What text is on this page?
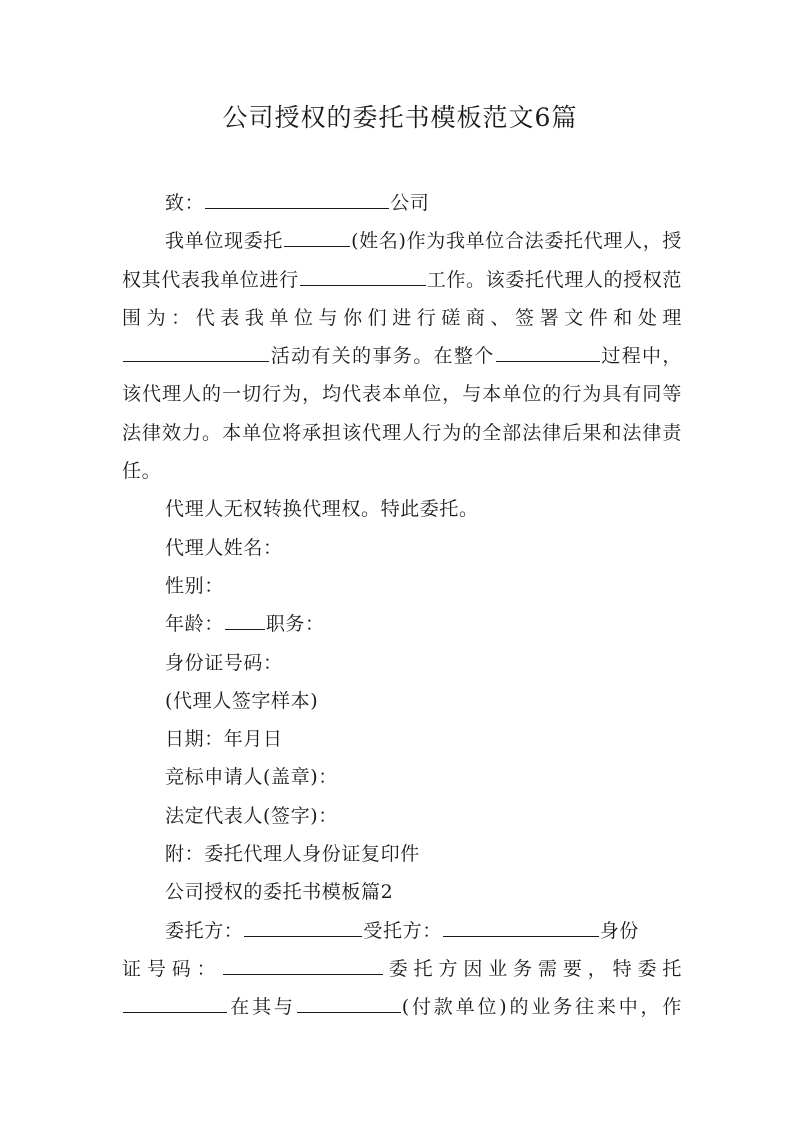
公司授权的委托书模板范文6篇

致：	公司

我单位现委托	(姓名)作为我单位合法委托代理人，授权其代表我单位进行	工作。该委托代理人的授权范围为：代表我单位与你们进行磋商、签署文件和处理活动有关的事务。在整个	过程中，该代理人的一切行为，均代表本单位，与本单位的行为具有同等法律效力。本单位将承担该代理人行为的全部法律后果和法律责任。

代理人无权转换代理权。特此委托。

代理人姓名：

性别：

年龄： 职务：

身份证号码：

(代理人签字样本)

日期：年月日

竞标申请人(盖章)：

法定代表人(签字)：

附：委托代理人身份证复印件

公司授权的委托书模板篇2

委托方：	受托方：	身份

证号码：	委托方因业务需要，特委托

在其与	(付款单位)的业务往来中，作
